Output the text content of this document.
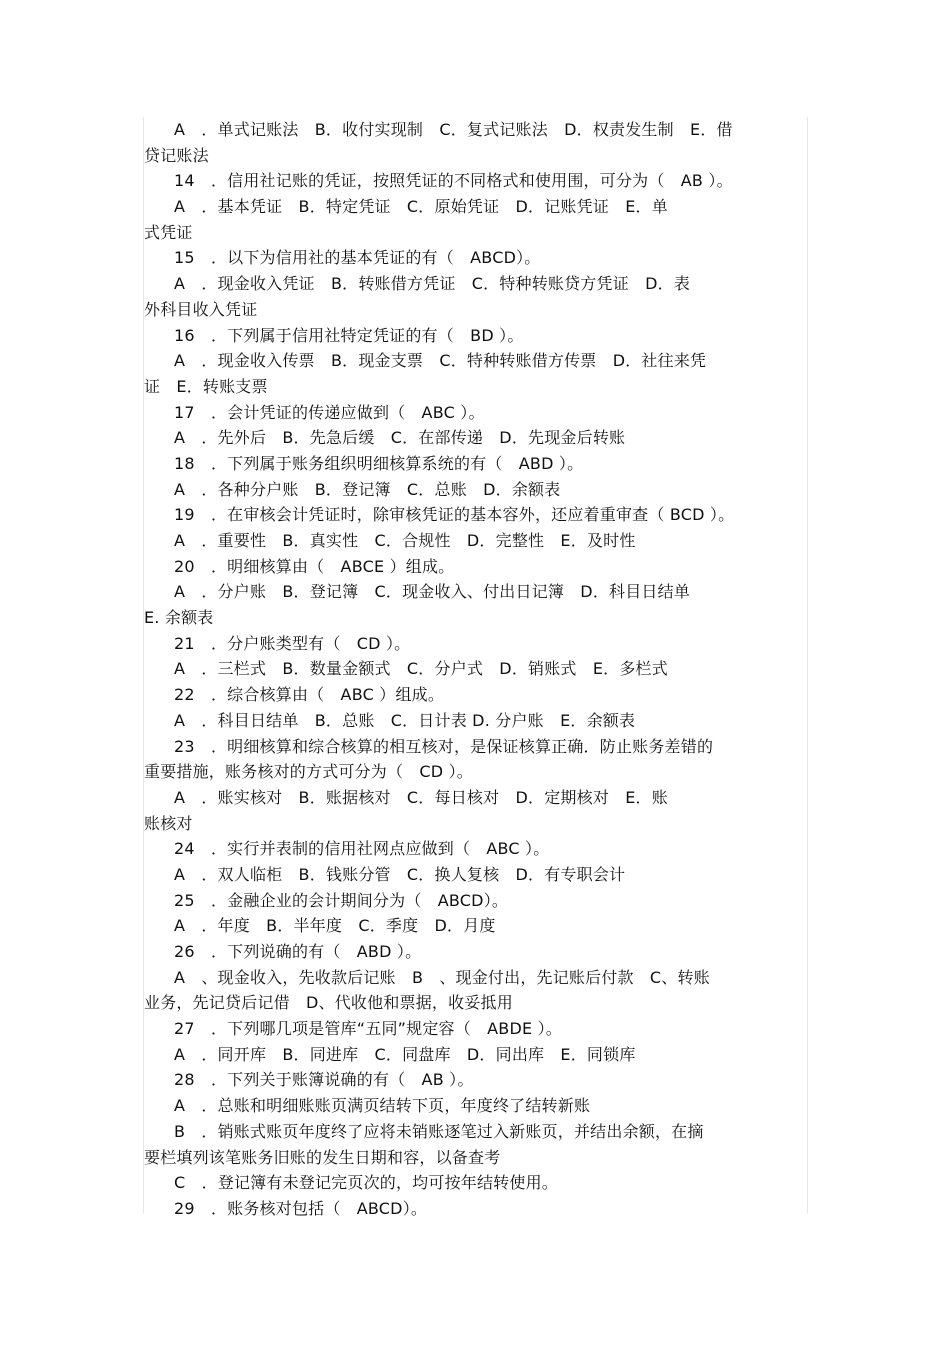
A　．单式记账法　B．收付实现制　C．复式记账法　D．权责发生制　E．借
贷记账法
14　．信用社记账的凭证，按照凭证的不同格式和使用围，可分为（　AB ）。
A　．基本凭证　B．特定凭证　C．原始凭证　D．记账凭证　E．单
式凭证
15　．以下为信用社的基本凭证的有（　ABCD）。
A　．现金收入凭证　B．转账借方凭证　C．特种转账贷方凭证　D．表
外科目收入凭证
16　．下列属于信用社特定凭证的有（　BD ）。
A　．现金收入传票　B．现金支票　C．特种转账借方传票　D．社往来凭
证　E．转账支票
17　．会计凭证的传递应做到（　ABC ）。
A　．先外后　B．先急后缓　C．在部传递　D．先现金后转账
18　．下列属于账务组织明细核算系统的有（　ABD ）。
A　．各种分户账　B．登记簿　C．总账　D．余额表
19　．在审核会计凭证时，除审核凭证的基本容外，还应着重审查（ BCD ）。
A　．重要性　B．真实性　C．合规性　D．完整性　E．及时性
20　．明细核算由（　ABCE ）组成。
A　．分户账　B．登记簿　C．现金收入、付出日记簿　D．科目日结单
E. 余额表
21　．分户账类型有（　CD ）。
A　．三栏式　B．数量金额式　C．分户式　D．销账式　E．多栏式
22　．综合核算由（　ABC ）组成。
A　．科目日结单　B．总账　C．日计表 D. 分户账　E．余额表
23　．明细核算和综合核算的相互核对，是保证核算正确．防止账务差错的
重要措施，账务核对的方式可分为（　CD ）。
A　．账实核对　B．账据核对　C．每日核对　D．定期核对　E．账
账核对
24　．实行并表制的信用社网点应做到（　ABC ）。
A　．双人临柜　B．钱账分管　C．换人复核　D．有专职会计
25　．金融企业的会计期间分为（　ABCD）。
A　．年度　B．半年度　C．季度　D．月度
26　．下列说确的有（　ABD ）。
A　、现金收入，先收款后记账　B　、现金付出，先记账后付款　C、转账
业务，先记贷后记借　D、代收他和票据，收妥抵用
27　．下列哪几项是管库“五同”规定容（　ABDE ）。
A　．同开库　B．同进库　C．同盘库　D．同出库　E．同锁库
28　．下列关于账簿说确的有（　AB ）。
A　．总账和明细账账页满页结转下页，年度终了结转新账
B　．销账式账页年度终了应将未销账逐笔过入新账页，并结出余额，在摘
要栏填列该笔账务旧账的发生日期和容，以备查考
C　．登记簿有未登记完页次的，均可按年结转使用。
29　．账务核对包括（　ABCD）。
